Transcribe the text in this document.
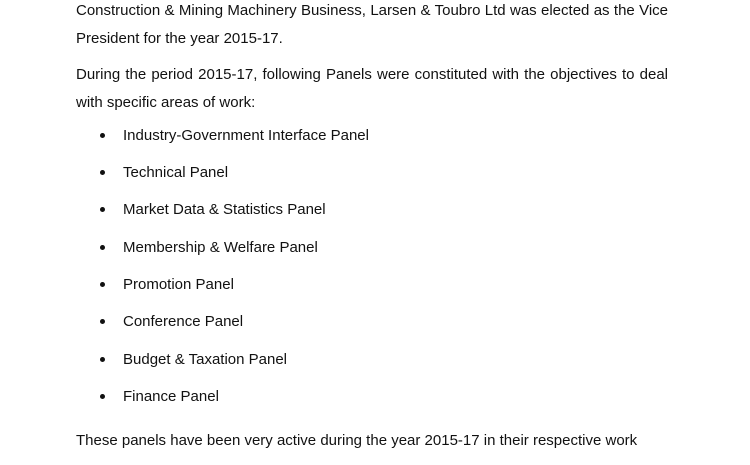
Construction & Mining Machinery Business, Larsen & Toubro Ltd was elected as the Vice President for the year 2015-17.

During the period 2015-17, following Panels were constituted with the objectives to deal with specific areas of work:

Industry-Government Interface Panel
Technical Panel
Market Data & Statistics Panel
Membership & Welfare Panel
Promotion Panel
Conference Panel
Budget & Taxation Panel
Finance Panel

These panels have been very active during the year 2015-17 in their respective work
